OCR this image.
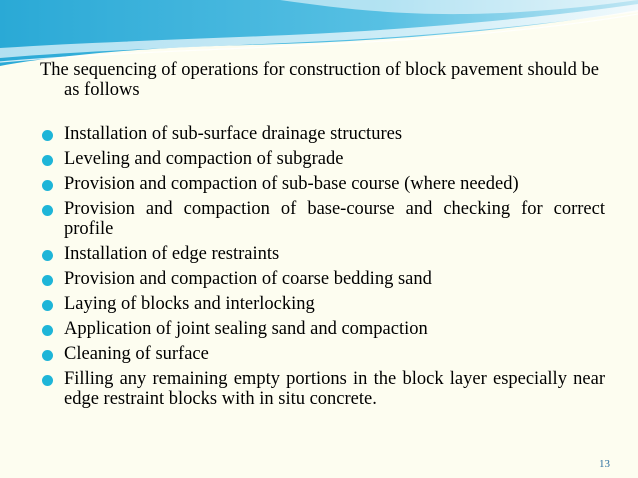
The sequencing of operations for construction of block pavement should be as follows

Installation of sub-surface drainage structures
Leveling and compaction of subgrade
Provision and compaction of sub-base course (where needed)
Provision and compaction of base-course and checking for correct profile
Installation of edge restraints
Provision and compaction of coarse bedding sand
Laying of blocks and interlocking
Application of joint sealing sand and compaction
Cleaning of surface
Filling any remaining empty portions in the block layer especially near edge restraint blocks with in situ concrete.
13
